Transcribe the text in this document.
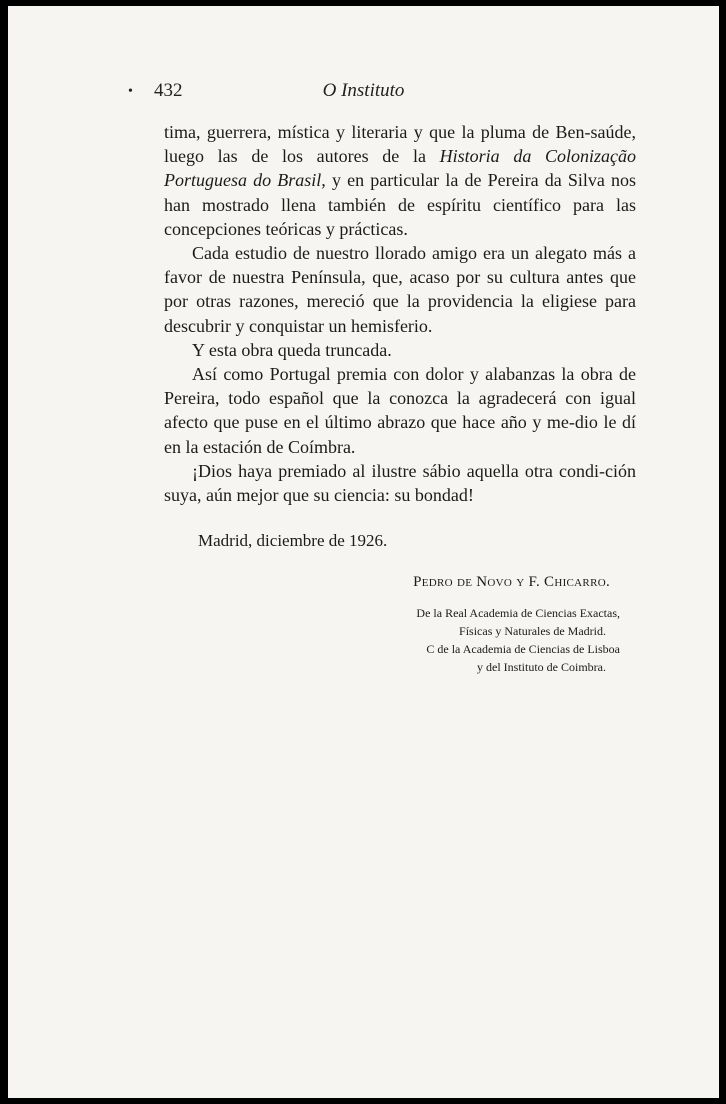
• 432	O Instituto

tima, guerrera, mística y literaria y que la pluma de Ben-saúde, luego las de los autores de la Historia da Colonização Portuguesa do Brasil, y en particular la de Pereira da Silva nos han mostrado llena también de espíritu científico para las concepciones teóricas y prácticas.

Cada estudio de nuestro llorado amigo era un alegato más a favor de nuestra Península, que, acaso por su cultura antes que por otras razones, mereció que la providencia la eligiese para descubrir y conquistar un hemisferio.

Y esta obra queda truncada.

Así como Portugal premia con dolor y alabanzas la obra de Pereira, todo español que la conozca la agradecerá con igual afecto que puse en el último abrazo que hace año y me-dio le dí en la estación de Coímbra.

¡Dios haya premiado al ilustre sábio aquella otra condi-ción suya, aún mejor que su ciencia: su bondad!

Madrid, diciembre de 1926.
Pedro de Novo y F. Chicarro.
De la Real Academia de Ciencias Exactas,
Físicas y Naturales de Madrid.
C de la Academia de Ciencias de Lisboa
y del Instituto de Coimbra.
